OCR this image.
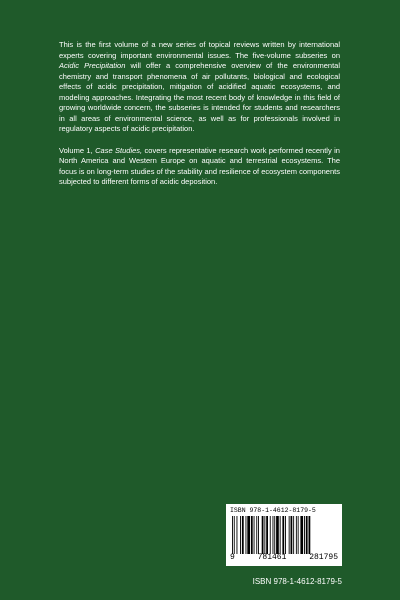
This is the first volume of a new series of topical reviews written by international experts covering important environmental issues. The five-volume subseries on Acidic Precipitation will offer a comprehensive overview of the environmental chemistry and transport phenomena of air pollutants, biological and ecological effects of acidic precipitation, mitigation of acidified aquatic ecosystems, and modeling approaches. Integrating the most recent body of knowledge in this field of growing worldwide concern, the subseries is intended for students and researchers in all areas of environmental science, as well as for professionals involved in regulatory aspects of acidic precipitation.

Volume 1, Case Studies, covers representative research work performed recently in North America and Western Europe on aquatic and terrestrial ecosystems. The focus is on long-term studies of the stability and resilience of ecosystem components subjected to different forms of acidic deposition.

ISBN 978-1-4612-8179-5
9	781461	281795
ISBN 978-1-4612-8179-5
